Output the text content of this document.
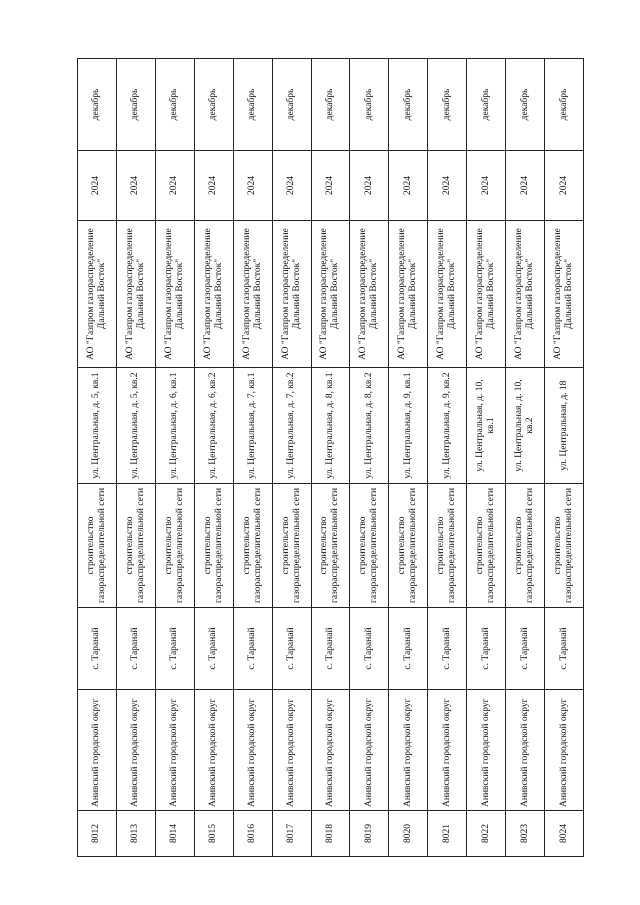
8012	Анивский городской округ	с. Таранай	строительство газораспределительной сети	ул. Центральная, д. 5, кв.1	АО "Газпром газораспределение Дальний Восток"	2024	декабрь
8013	Анивский городской округ	с. Таранай	строительство газораспределительной сети	ул. Центральная, д. 5, кв.2	АО "Газпром газораспределение Дальний Восток"	2024	декабрь
8014	Анивский городской округ	с. Таранай	строительство газораспределительной сети	ул. Центральная, д. 6, кв.1	АО "Газпром газораспределение Дальний Восток"	2024	декабрь
8015	Анивский городской округ	с. Таранай	строительство газораспределительной сети	ул. Центральная, д. 6, кв.2	АО "Газпром газораспределение Дальний Восток"	2024	декабрь
8016	Анивский городской округ	с. Таранай	строительство газораспределительной сети	ул. Центральная, д. 7, кв.1	АО "Газпром газораспределение Дальний Восток"	2024	декабрь
8017	Анивский городской округ	с. Таранай	строительство газораспределительной сети	ул. Центральная, д. 7, кв.2	АО "Газпром газораспределение Дальний Восток"	2024	декабрь
8018	Анивский городской округ	с. Таранай	строительство газораспределительной сети	ул. Центральная, д. 8, кв.1	АО "Газпром газораспределение Дальний Восток"	2024	декабрь
8019	Анивский городской округ	с. Таранай	строительство газораспределительной сети	ул. Центральная, д. 8, кв.2	АО "Газпром газораспределение Дальний Восток"	2024	декабрь
8020	Анивский городской округ	с. Таранай	строительство газораспределительной сети	ул. Центральная, д. 9, кв.1	АО "Газпром газораспределение Дальний Восток"	2024	декабрь
8021	Анивский городской округ	с. Таранай	строительство газораспределительной сети	ул. Центральная, д. 9, кв.2	АО "Газпром газораспределение Дальний Восток"	2024	декабрь
8022	Анивский городской округ	с. Таранай	строительство газораспределительной сети	ул. Центральная, д. 10, кв.1	АО "Газпром газораспределение Дальний Восток"	2024	декабрь
8023	Анивский городской округ	с. Таранай	строительство газораспределительной сети	ул. Центральная, д. 10, кв.2	АО "Газпром газораспределение Дальний Восток"	2024	декабрь
8024	Анивский городской округ	с. Таранай	строительство газораспределительной сети	ул. Центральная, д. 18	АО "Газпром газораспределение Дальний Восток"	2024	декабрь
